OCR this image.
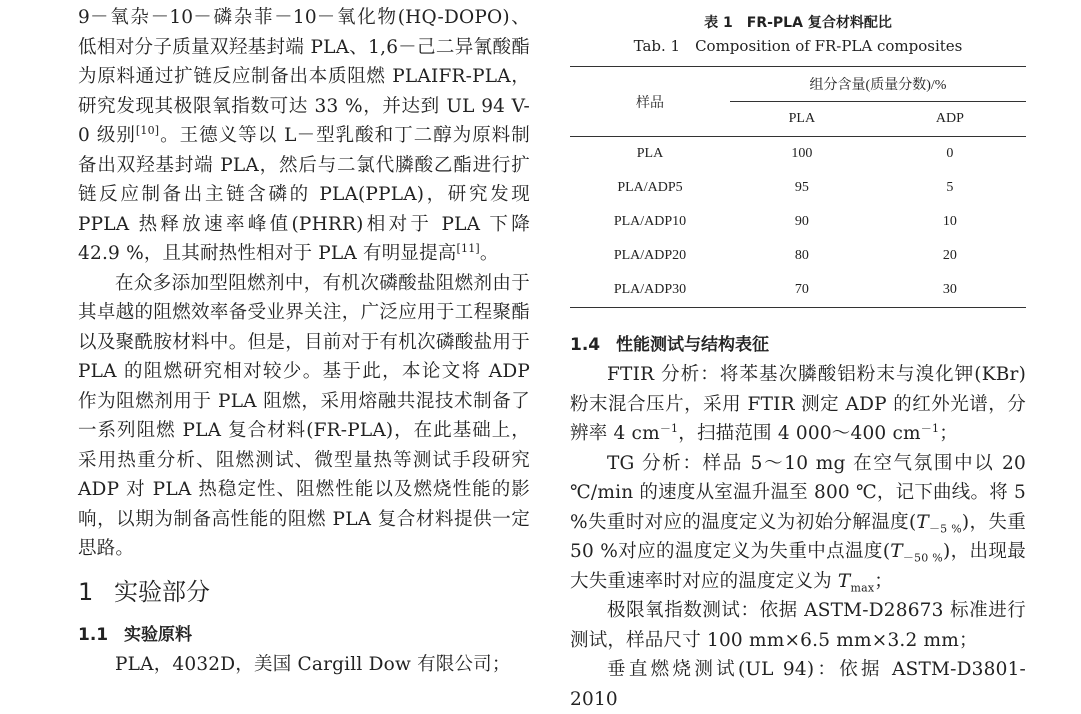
9－氧杂－10－磷杂菲－10－氧化物(HQ-DOPO)、低相对分子质量双羟基封端 PLA、1,6－己二异氰酸酯为原料通过扩链反应制备出本质阻燃 PLAIFR-PLA，研究发现其极限氧指数可达 33 %，并达到 UL 94 V-0 级别[10]。王德义等以 L－型乳酸和丁二醇为原料制备出双羟基封端 PLA，然后与二氯代膦酸乙酯进行扩链反应制备出主链含磷的 PLA(PPLA)，研究发现 PPLA 热释放速率峰值(PHRR)相对于 PLA 下降 42.9 %，且其耐热性相对于 PLA 有明显提高[11]。

在众多添加型阻燃剂中，有机次磷酸盐阻燃剂由于其卓越的阻燃效率备受业界关注，广泛应用于工程聚酯以及聚酰胺材料中。但是，目前对于有机次磷酸盐用于 PLA 的阻燃研究相对较少。基于此，本论文将 ADP 作为阻燃剂用于 PLA 阻燃，采用熔融共混技术制备了一系列阻燃 PLA 复合材料(FR-PLA)，在此基础上，采用热重分析、阻燃测试、微型量热等测试手段研究 ADP 对 PLA 热稳定性、阻燃性能以及燃烧性能的影响，以期为制备高性能的阻燃 PLA 复合材料提供一定思路。

1 实验部分
1.1 实验原料

PLA，4032D，美国 Cargill Dow 有限公司；

表 1　FR-PLA 复合材料配比
Tab. 1　Composition of FR-PLA composites
样品	组分含量(质量分数)/%	
	PLA	ADP
PLA	100	0
PLA/ADP5	95	5
PLA/ADP10	90	10
PLA/ADP20	80	20
PLA/ADP30	70	30
1.4 性能测试与结构表征

FTIR 分析：将苯基次膦酸铝粉末与溴化钾(KBr)粉末混合压片，采用 FTIR 测定 ADP 的红外光谱，分辨率 4 $cm^{-1}$，扫描范围 4 000～400 $cm^{-1}$；

TG 分析：样品 5～10 mg 在空气氛围中以 20 ℃/min 的速度从室温升温至 800 ℃，记下曲线。将 5 %失重时对应的温度定义为初始分解温度$(T_{-5 \%})$，失重50 %对应的温度定义为失重中点温度$(T_{-50 \%})$，出现最大失重速率时对应的温度定义为 $T_{max}$；

极限氧指数测试：依据 ASTM-D28673 标准进行测试，样品尺寸 100 mm×6.5 mm×3.2 mm；

垂直燃烧测试(UL 94)：依据 ASTM-D3801-2010
